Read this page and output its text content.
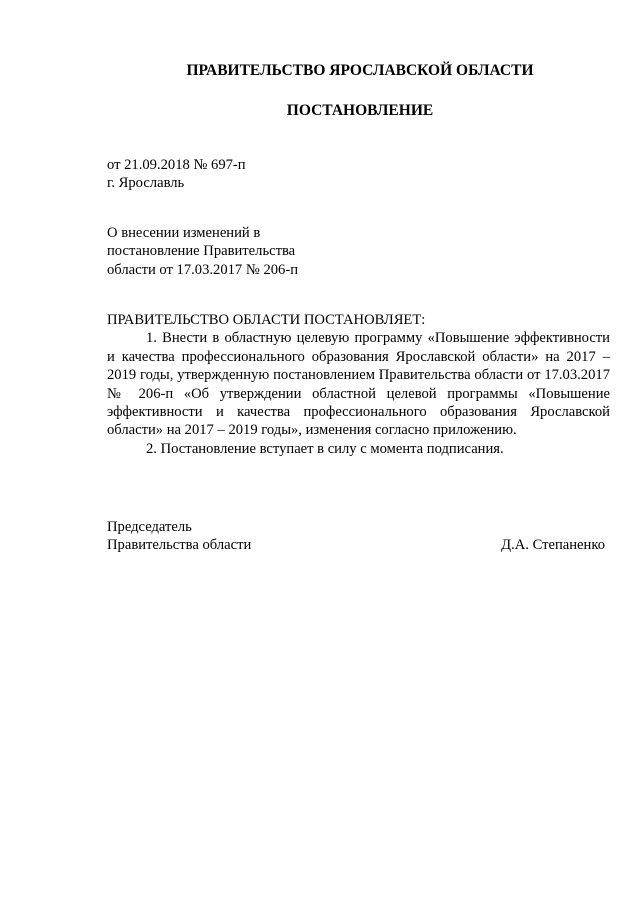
ПРАВИТЕЛЬСТВО ЯРОСЛАВСКОЙ ОБЛАСТИ
ПОСТАНОВЛЕНИЕ
от 21.09.2018 № 697-п
г. Ярославль
О внесении изменений в
постановление Правительства
области от 17.03.2017 № 206-п

ПРАВИТЕЛЬСТВО ОБЛАСТИ ПОСТАНОВЛЯЕТ:

1. Внести в областную целевую программу «Повышение эффективности и качества профессионального образования Ярославской области» на 2017 – 2019 годы, утвержденную постановлением Правительства области от 17.03.2017 № 206-п «Об утверждении областной целевой программы «Повышение эффективности и качества профессионального образования Ярославской области» на 2017 – 2019 годы», изменения согласно приложению.

2. Постановление вступает в силу с момента подписания.

Председатель
Правительства области	Д.А. Степаненко
